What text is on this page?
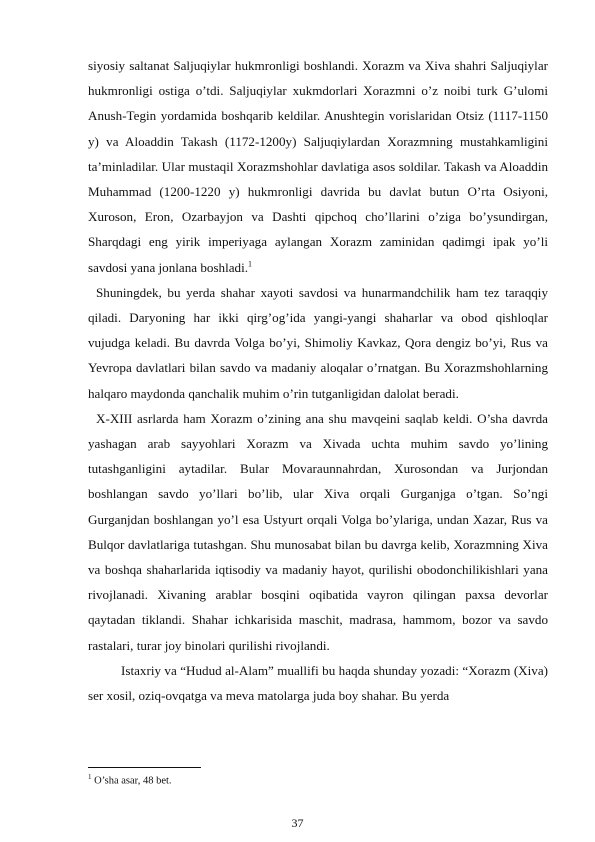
siyosiy saltanat Saljuqiylar hukmronligi boshlandi. Xorazm va Xiva shahri Saljuqiylar hukmronligi ostiga o’tdi. Saljuqiylar xukmdorlari Xorazmni o’z noibi turk G’ulomi Anush-Tegin yordamida boshqarib keldilar. Anushtegin vorislaridan Otsiz (1117-1150 y) va Aloaddin Takash (1172-1200y) Saljuqiylardan Xorazmning mustahkamligini ta’minladilar. Ular mustaqil Xorazmshohlar davlatiga asos soldilar. Takash va Aloaddin Muhammad (1200-1220 y) hukmronligi davrida bu davlat butun O’rta Osiyoni, Xuroson, Eron, Ozarbayjon va Dashti qipchoq cho’llarini o’ziga bo’ysundirgan, Sharqdagi eng yirik imperiyaga aylangan Xorazm zaminidan qadimgi ipak yo’li savdosi yana jonlana boshladi.$^1$

Shuningdek, bu yerda shahar xayoti savdosi va hunarmandchilik ham tez taraqqiy qiladi. Daryoning har ikki qirg’og’ida yangi-yangi shaharlar va obod qishloqlar vujudga keladi. Bu davrda Volga bo’yi, Shimoliy Kavkaz, Qora dengiz bo’yi, Rus va Yevropa davlatlari bilan savdo va madaniy aloqalar o’rnatgan. Bu Xorazmshohlarning halqaro maydonda qanchalik muhim o’rin tutganligidan dalolat beradi.

X-XIII asrlarda ham Xorazm o’zining ana shu mavqeini saqlab keldi. O’sha davrda yashagan arab sayyohlari Xorazm va Xivada uchta muhim savdo yo’lining tutashganligini aytadilar. Bular Movaraunnahrdan, Xurosondan va Jurjondan boshlangan savdo yo’llari bo’lib, ular Xiva orqali Gurganjga o’tgan. So’ngi Gurganjdan boshlangan yo’l esa Ustyurt orqali Volga bo’ylariga, undan Xazar, Rus va Bulqor davlatlariga tutashgan. Shu munosabat bilan bu davrga kelib, Xorazmning Xiva va boshqa shaharlarida iqtisodiy va madaniy hayot, qurilishi obodonchilikishlari yana rivojlanadi. Xivaning arablar bosqini oqibatida vayron qilingan paxsa devorlar qaytadan tiklandi. Shahar ichkarisida maschit, madrasa, hammom, bozor va savdo rastalari, turar joy binolari qurilishi rivojlandi.

Istaxriy va “Hudud al-Alam” muallifi bu haqda shunday yozadi: “Xorazm (Xiva) ser xosil, oziq-ovqatga va meva matolarga juda boy shahar. Bu yerda

$^1$ O’sha asar, 48 bet.
37
